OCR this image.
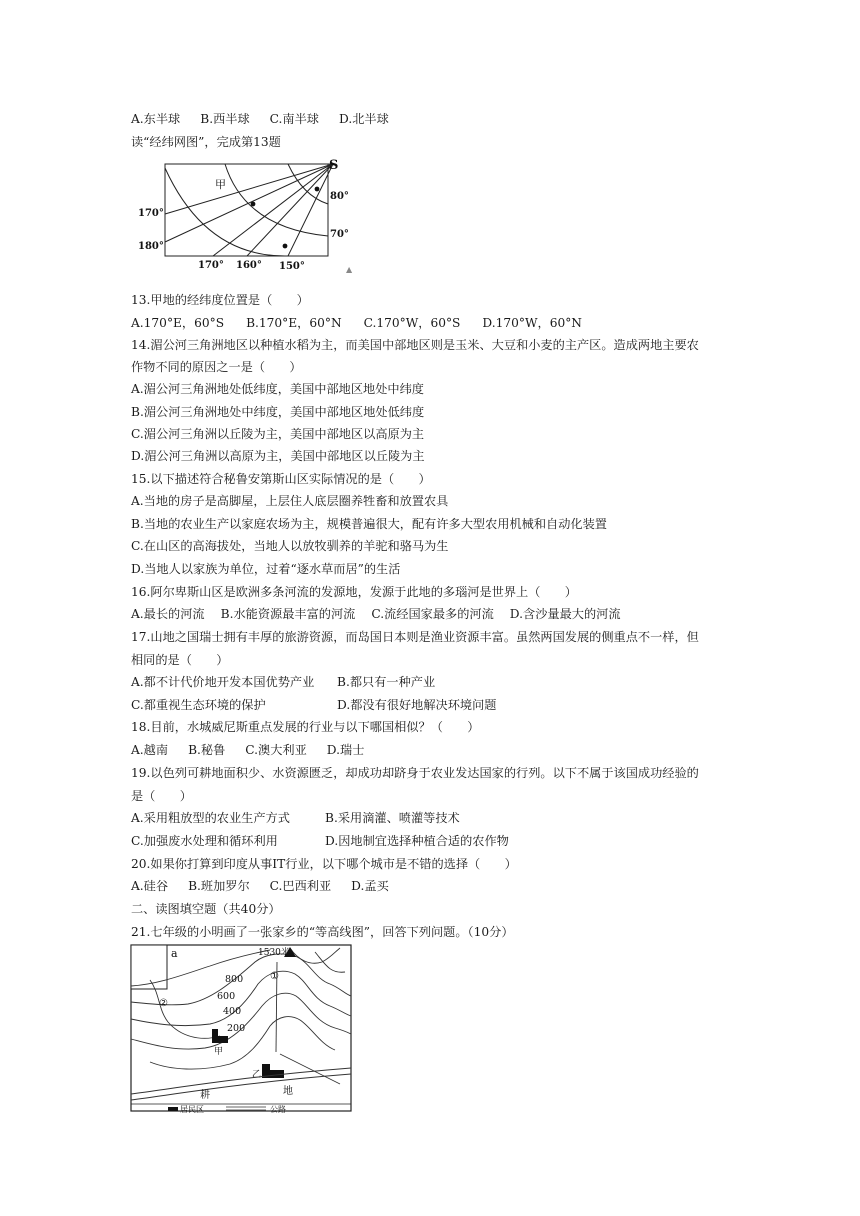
A.东半球 B.西半球 C.南半球 D.北半球
读“经纬网图”，完成第13题
S
甲
80°
70°
170°
180°
170° 160° 150°	▲
13.甲地的经纬度位置是（　　）
A.170°E，60°S B.170°E，60°N C.170°W，60°S D.170°W，60°N
14.湄公河三角洲地区以种植水稻为主，而美国中部地区则是玉米、大豆和小麦的主产区。造成两地主要农
作物不同的原因之一是（　　）
A.湄公河三角洲地处低纬度，美国中部地区地处中纬度
B.湄公河三角洲地处中纬度，美国中部地区地处低纬度
C.湄公河三角洲以丘陵为主，美国中部地区以高原为主
D.湄公河三角洲以高原为主，美国中部地区以丘陵为主
15.以下描述符合秘鲁安第斯山区实际情况的是（　　）
A.当地的房子是高脚屋，上层住人底层圈养牲畜和放置农具
B.当地的农业生产以家庭农场为主，规模普遍很大，配有许多大型农用机械和自动化装置
C.在山区的高海拔处，当地人以放牧驯养的羊驼和骆马为生
D.当地人以家族为单位，过着“逐水草而居”的生活
16.阿尔卑斯山区是欧洲多条河流的发源地，发源于此地的多瑙河是世界上（　　）
A.最长的河流 B.水能资源最丰富的河流 C.流经国家最多的河流 D.含沙量最大的河流
17.山地之国瑞士拥有丰厚的旅游资源，而岛国日本则是渔业资源丰富。虽然两国发展的侧重点不一样，但
相同的是（　　）
A.都不计代价地开发本国优势产业 B.都只有一种产业
C.都重视生态环境的保护	D.都没有很好地解决环境问题
18.目前，水城威尼斯重点发展的行业与以下哪国相似？（　　）
A.越南 B.秘鲁 C.澳大利亚 D.瑞士
19.以色列可耕地面积少、水资源匮乏，却成功却跻身于农业发达国家的行列。以下不属于该国成功经验的
是（　　）
A.采用粗放型的农业生产方式	B.采用滴灌、喷灌等技术
C.加强废水处理和循环利用	D.因地制宜选择种植合适的农作物
20.如果你打算到印度从事IT行业，以下哪个城市是不错的选择（　　）
A.硅谷 B.班加罗尔 C.巴西利亚 D.孟买
二、读图填空题（共40分）
21.七年级的小明画了一张家乡的“等高线图”，回答下列问题。（10分）
a	1530米
800
600
400
200
①
②
甲
乙
耕	地
居民区	公路
